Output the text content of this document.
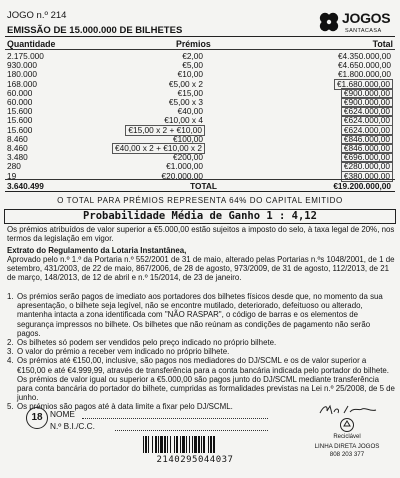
JOGO n.º 214
EMISSÃO DE 15.000.000 DE BILHETES
JOGOS
SANTACASA
Quantidade	Prémios	Total
2.175.000	€2,00	€4.350.000,00
930.000	€5,00	€4.650.000,00
180.000	€10,00	€1.800.000,00
168.000	€5,00 x 2	€1.680.000,00
60.000	€15,00	€900.000,00
60.000	€5,00 x 3	€900.000,00
15.600	€40,00	€624.000,00
15.600	€10,00 x 4	€624.000,00
15.600	€15,00 x 2 + €10,00	€624.000,00
8.460	€100,00	€846.000,00
8.460	€40,00 x 2 + €10,00 x 2	€846.000,00
3.480	€200,00	€696.000,00
280	€1.000,00	€280.000,00
19	€20.000,00	€380.000,00
3.640.499	TOTAL	€19.200.000,00
O TOTAL PARA PRÉMIOS REPRESENTA 64% DO CAPITAL EMITIDO
Probabilidade Média de Ganho 1 : 4,12
Os prémios atribuídos de valor superior a €5.000,00 estão sujeitos a imposto do selo, à taxa legal de 20%, nos termos da legislação em vigor.
Extrato do Regulamento da Lotaria Instantânea,
Aprovado pelo n.º 1.º da Portaria n.º 552/2001 de 31 de maio, alterado pelas Portarias n.ºs 1048/2001, de 1 de setembro, 431/2003, de 22 de maio, 867/2006, de 28 de agosto, 973/2009, de 31 de agosto, 112/2013, de 21 de março, 148/2013, de 12 de abril e n.º 15/2014, de 23 de janeiro.
1. Os prémios serão pagos de imediato aos portadores dos bilhetes físicos desde que, no momento da sua apresentação, o bilhete seja legível, não se encontre mutilado, deteriorado, defeituoso ou alterado, mantenha intacta a zona identificada com "NÃO RASPAR", o código de barras e os elementos de segurança impressos no bilhete. Os bilhetes que não reúnam as condições de pagamento não serão pagos.
2. Os bilhetes só podem ser vendidos pelo preço indicado no próprio bilhete.
3. O valor do prémio a receber vem indicado no próprio bilhete.
4. Os prémios até €150,00, inclusive, são pagos nos mediadores do DJ/SCML e os de valor superior a €150,00 e até €4.999,99, através de transferência para a conta bancária indicada pelo portador do bilhete. Os prémios de valor igual ou superior a €5.000,00 são pagos junto do DJ/SCML mediante transferência para conta bancária do portador do bilhete, cumpridas as formalidades previstas na Lei n.º 25/2008, de 5 de junho.
5. Os prémios são pagos até à data limite a fixar pelo DJ/SCML.
18 NOME
N.º B.I./C.C.
2140295044037
Reciclável
LINHA DIRETA JOGOS
808 203 377
